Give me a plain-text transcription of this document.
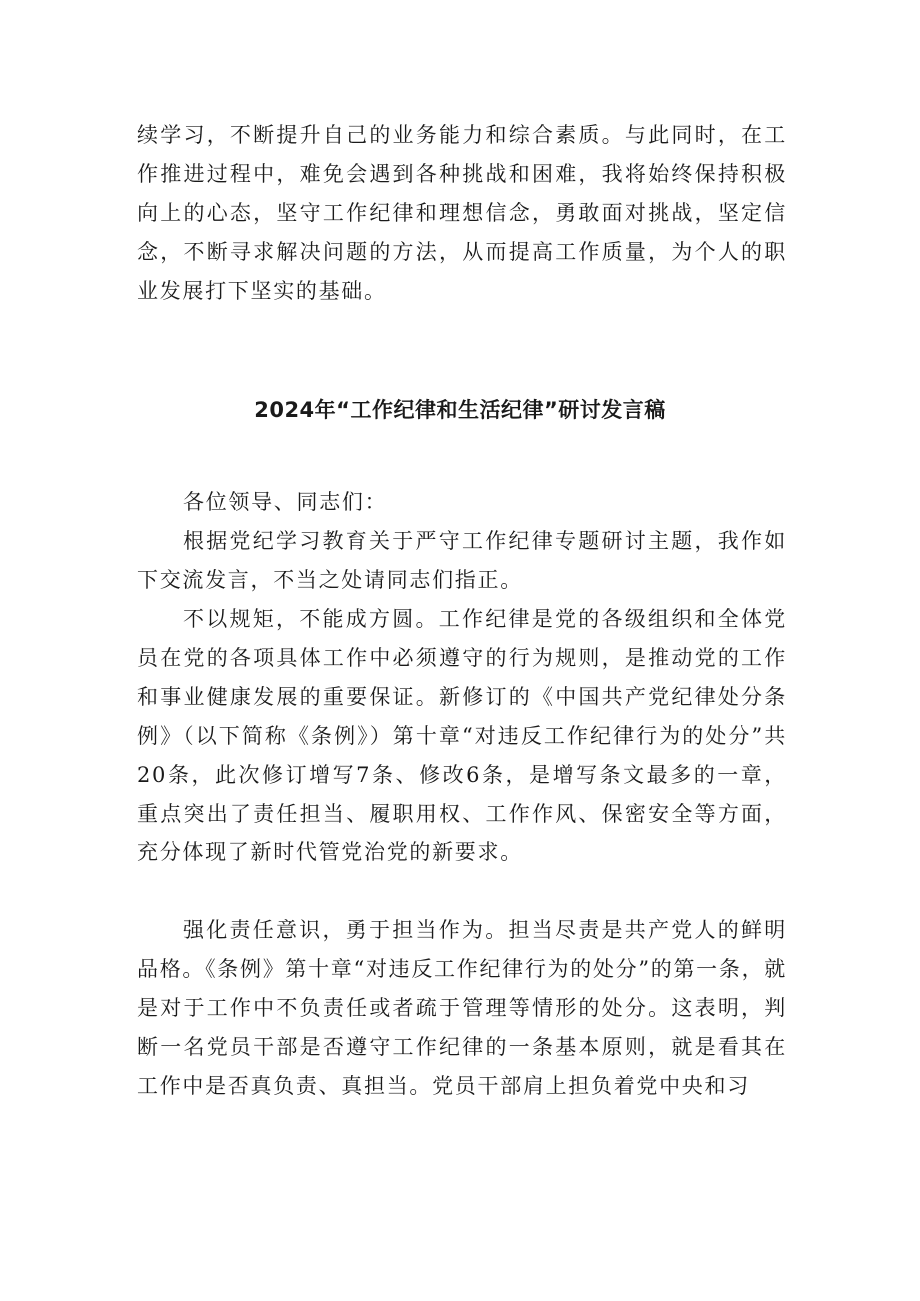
续学习，不断提升自己的业务能力和综合素质。与此同时，在工作推进过程中，难免会遇到各种挑战和困难，我将始终保持积极向上的心态，坚守工作纪律和理想信念，勇敢面对挑战，坚定信念，不断寻求解决问题的方法，从而提高工作质量，为个人的职业发展打下坚实的基础。

2024年“工作纪律和生活纪律”研讨发言稿

各位领导、同志们：

根据党纪学习教育关于严守工作纪律专题研讨主题，我作如下交流发言，不当之处请同志们指正。

不以规矩，不能成方圆。工作纪律是党的各级组织和全体党员在党的各项具体工作中必须遵守的行为规则，是推动党的工作和事业健康发展的重要保证。新修订的《中国共产党纪律处分条例》（以下简称《条例》）第十章“对违反工作纪律行为的处分”共20条，此次修订增写7条、修改6条，是增写条文最多的一章，重点突出了责任担当、履职用权、工作作风、保密安全等方面，充分体现了新时代管党治党的新要求。

强化责任意识，勇于担当作为。担当尽责是共产党人的鲜明品格。《条例》第十章“对违反工作纪律行为的处分”的第一条，就是对于工作中不负责任或者疏于管理等情形的处分。这表明，判断一名党员干部是否遵守工作纪律的一条基本原则，就是看其在工作中是否真负责、真担当。党员干部肩上担负着党中央和习
